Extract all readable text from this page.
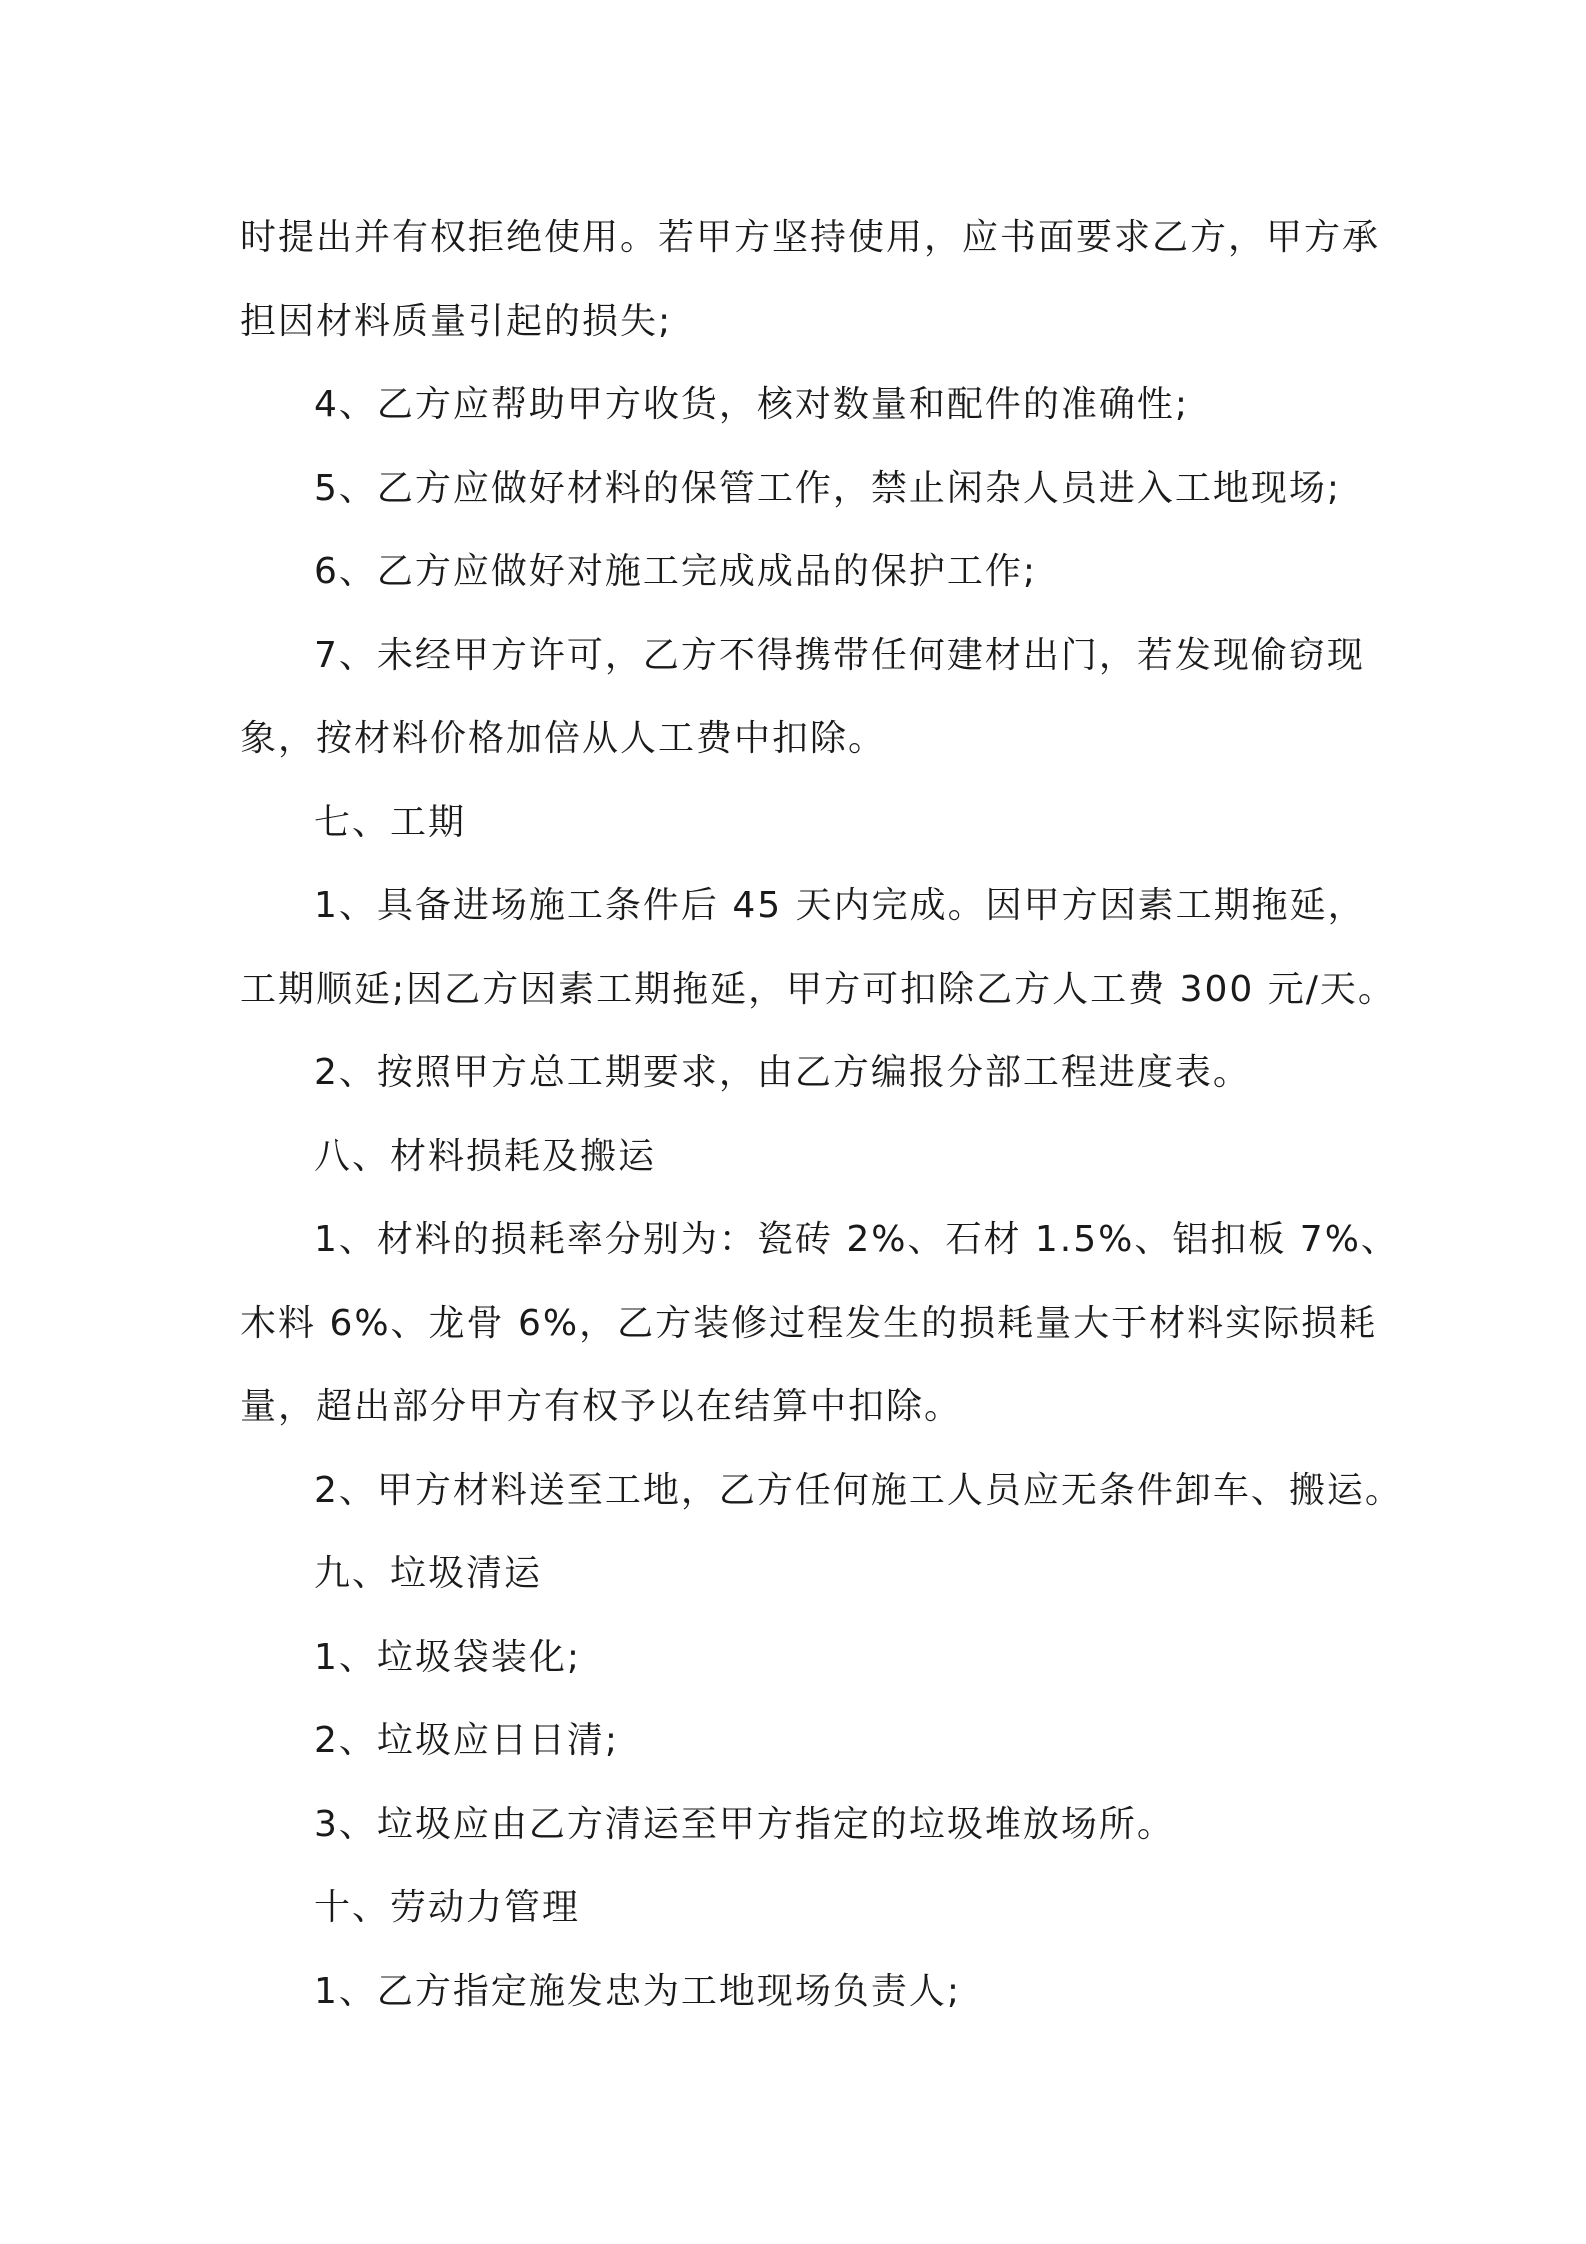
时提出并有权拒绝使用。若甲方坚持使用，应书面要求乙方，甲方承
担因材料质量引起的损失;
4、乙方应帮助甲方收货，核对数量和配件的准确性;
5、乙方应做好材料的保管工作，禁止闲杂人员进入工地现场;
6、乙方应做好对施工完成成品的保护工作;
7、未经甲方许可，乙方不得携带任何建材出门，若发现偷窃现
象，按材料价格加倍从人工费中扣除。
七、工期
1、具备进场施工条件后 45 天内完成。因甲方因素工期拖延，
工期顺延;因乙方因素工期拖延，甲方可扣除乙方人工费 300 元/天。
2、按照甲方总工期要求，由乙方编报分部工程进度表。
八、材料损耗及搬运
1、材料的损耗率分别为：瓷砖 2%、石材 1.5%、铝扣板 7%、
木料 6%、龙骨 6%，乙方装修过程发生的损耗量大于材料实际损耗
量，超出部分甲方有权予以在结算中扣除。
2、甲方材料送至工地，乙方任何施工人员应无条件卸车、搬运。
九、垃圾清运
1、垃圾袋装化;
2、垃圾应日日清;
3、垃圾应由乙方清运至甲方指定的垃圾堆放场所。
十、劳动力管理
1、乙方指定施发忠为工地现场负责人;
